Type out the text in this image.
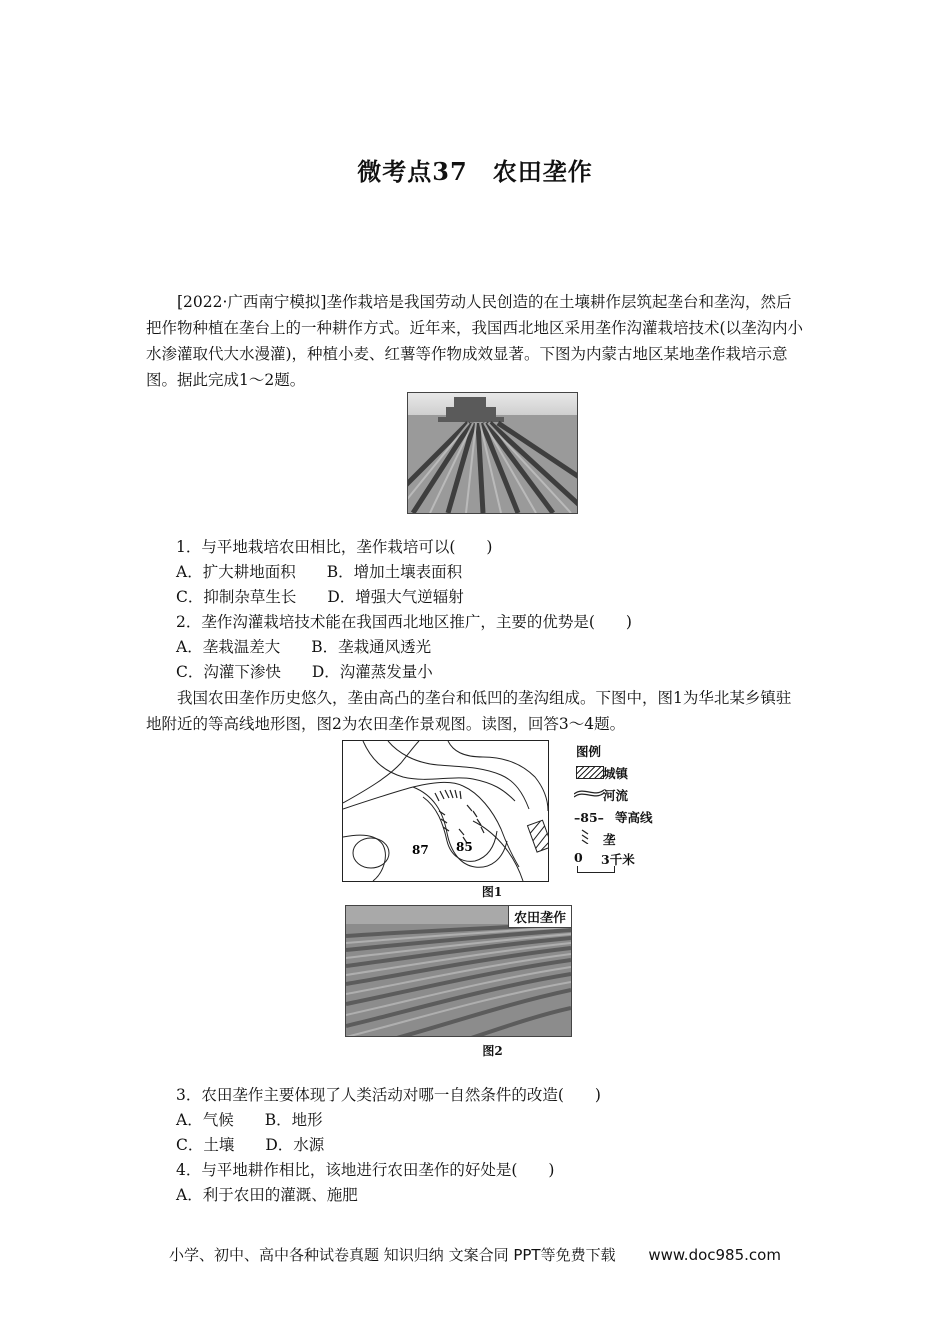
微考点37　农田垄作

[2022·广西南宁模拟]垄作栽培是我国劳动人民创造的在土壤耕作层筑起垄台和垄沟，然后把作物种植在垄台上的一种耕作方式。近年来，我国西北地区采用垄作沟灌栽培技术(以垄沟内小水渗灌取代大水漫灌)，种植小麦、红薯等作物成效显著。下图为内蒙古地区某地垄作栽培示意图。据此完成1～2题。

1．与平地栽培农田相比，垄作栽培可以(　　)
A．扩大耕地面积　　B．增加土壤表面积
C．抑制杂草生长　　D．增强大气逆辐射
2．垄作沟灌栽培技术能在我国西北地区推广，主要的优势是(　　)
A．垄栽温差大　　B．垄栽通风透光
C．沟灌下渗快　　D．沟灌蒸发量小

我国农田垄作历史悠久，垄由高凸的垄台和低凹的垄沟组成。下图中，图1为华北某乡镇驻地附近的等高线地形图，图2为农田垄作景观图。读图，回答3～4题。

87 85
图例
城镇
河流
–85– 等高线
垄
0 3千米
图1
农田垄作
图2
3．农田垄作主要体现了人类活动对哪一自然条件的改造(　　)
A．气候　　B．地形
C．土壤　　D．水源
4．与平地耕作相比，该地进行农田垄作的好处是(　　)
A．利于农田的灌溉、施肥
小学、初中、高中各种试卷真题 知识归纳 文案合同 PPT等免费下载 www.doc985.com
